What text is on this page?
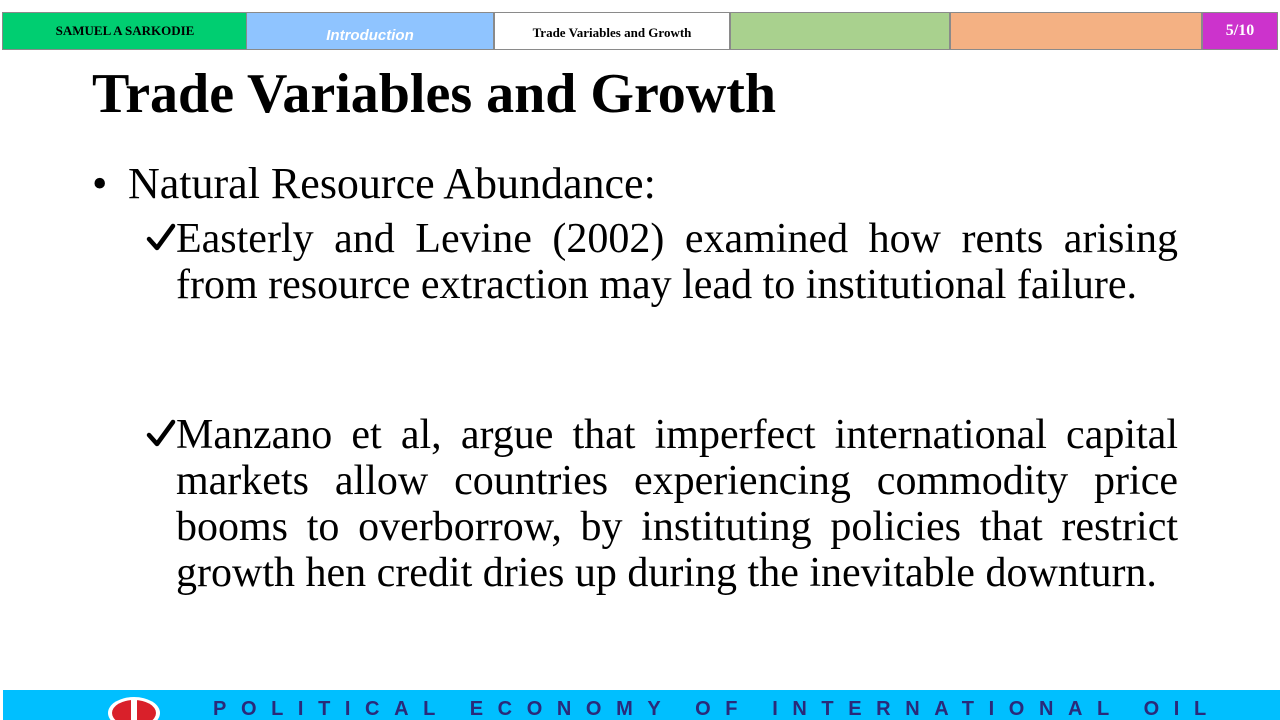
SAMUEL A SARKODIE	Introduction	Trade Variables and Growth	5/10
Trade Variables and Growth
• Natural Resource Abundance:
Easterly and Levine (2002) examined how rents arising from resource extraction may lead to institutional failure.
Manzano et al, argue that imperfect international capital markets allow countries experiencing commodity price booms to overborrow, by instituting policies that restrict growth hen credit dries up during the inevitable downturn.
POLITICAL ECONOMY OF INTERNATIONAL OIL
